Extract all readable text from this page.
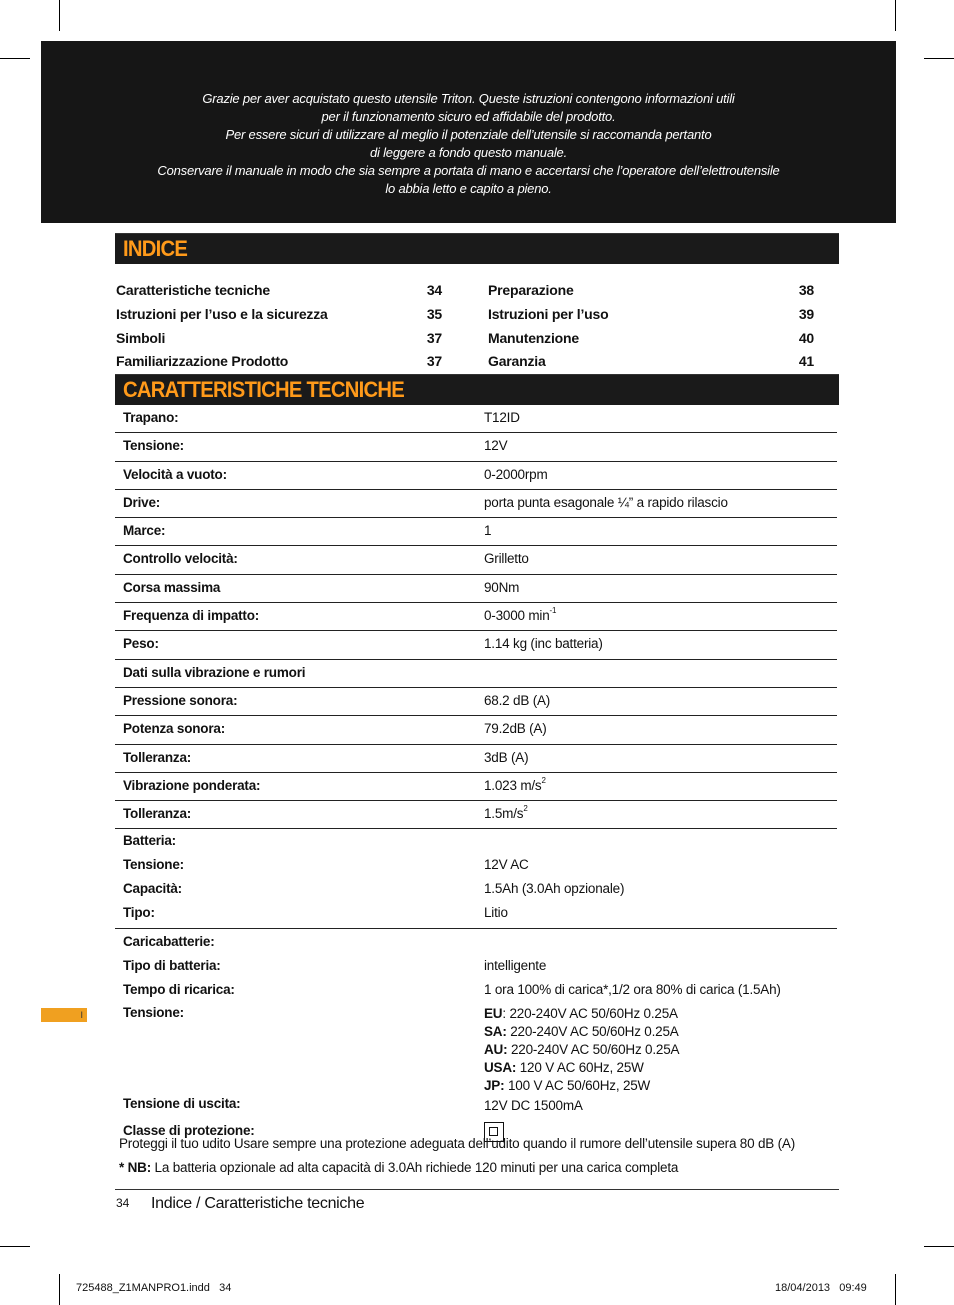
Grazie per aver acquistato questo utensile Triton. Queste istruzioni contengono informazioni utili
per il funzionamento sicuro ed affidabile del prodotto.
Per essere sicuri di utilizzare al meglio il potenziale dell’utensile si raccomanda pertanto
di leggere a fondo questo manuale.
Conservare il manuale in modo che sia sempre a portata di mano e accertarsi che l’operatore dell’elettroutensile
lo abbia letto e capito a pieno.
INDICE
Caratteristiche tecniche	34
Istruzioni per l’uso e la sicurezza	35
Simboli	37
Familiarizzazione Prodotto	37
Preparazione	38
Istruzioni per l’uso	39
Manutenzione	40
Garanzia	41
CARATTERISTICHE TECNICHE
Trapano:	T12ID
Tensione:	12V
Velocità a vuoto:	0-2000rpm
Drive:	porta punta esagonale ¼” a rapido rilascio
Marce:	1
Controllo velocità:	Grilletto
Corsa massima	90Nm
Frequenza di impatto:	0-3000 $\min^{-1}$
Peso:	1.14 kg (inc batteria)
Dati sulla vibrazione e rumori
Pressione sonora:	68.2 dB (A)
Potenza sonora:	79.2dB (A)
Tolleranza:	3dB (A)
Vibrazione ponderata:	1.023 $m/s^2$
Tolleranza:	$1.5m/s^2$
Batteria:
Tensione:	12V AC
Capacità:	1.5Ah (3.0Ah opzionale)
Tipo:	Litio
Caricabatterie:
Tipo di batteria:	intelligente
Tempo di ricarica:	1 ora 100% di carica*,1/2 ora 80% di carica (1.5Ah)
Tensione:	EU: 220-240V AC 50/60Hz 0.25A
SA: 220-240V AC 50/60Hz 0.25A
AU: 220-240V AC 50/60Hz 0.25A
USA: 120 V AC 60Hz, 25W
JP: 100 V AC 50/60Hz, 25W
Tensione di uscita:	12V DC 1500mA
Classe di protezione:
Proteggi il tuo udito Usare sempre una protezione adeguata dell’udito quando il rumore dell’utensile supera 80 dB (A)
* NB: La batteria opzionale ad alta capacità di 3.0Ah richiede 120 minuti per una carica completa
34 Indice / Caratteristiche tecniche
I
725488_Z1MANPRO1.indd   34	18/04/2013   09:49
